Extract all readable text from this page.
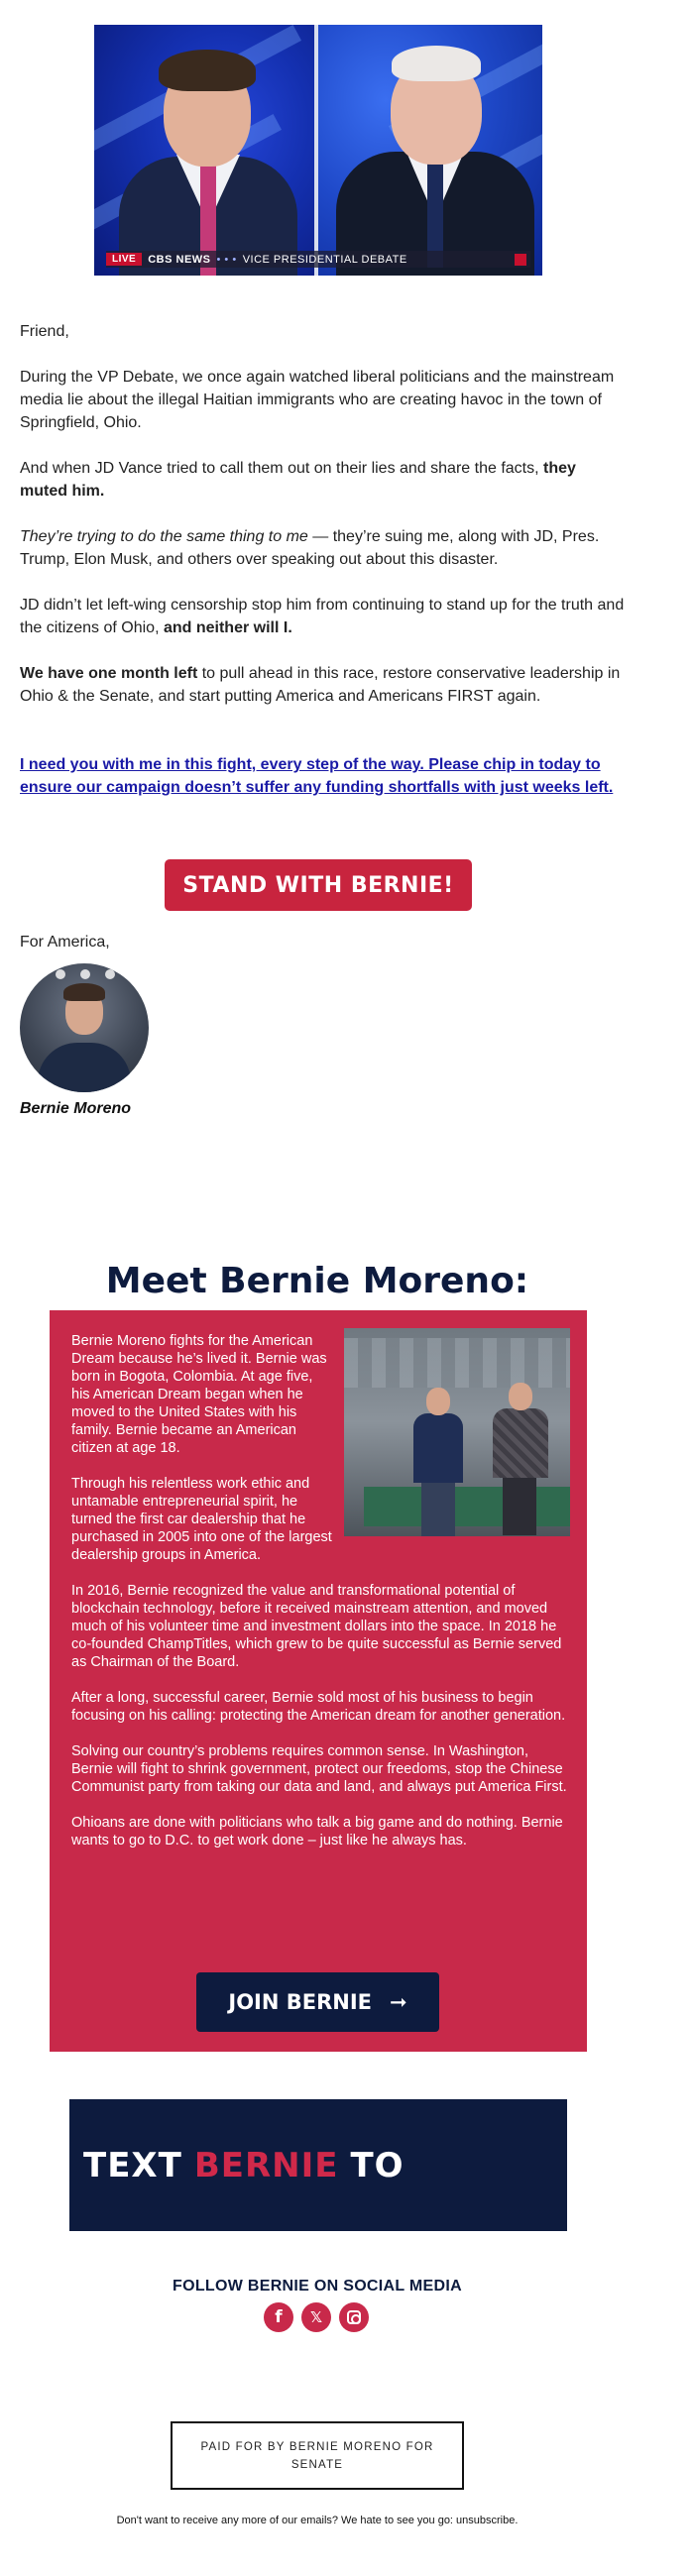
LIVE	CBS NEWS • • • VICE PRESIDENTIAL DEBATE

Friend,

During the VP Debate, we once again watched liberal politicians and the mainstream media lie about the illegal Haitian immigrants who are creating havoc in the town of Springfield, Ohio.

And when JD Vance tried to call them out on their lies and share the facts, they muted him.

They’re trying to do the same thing to me — they’re suing me, along with JD, Pres. Trump, Elon Musk, and others over speaking out about this disaster.

JD didn’t let left-wing censorship stop him from continuing to stand up for the truth and the citizens of Ohio, and neither will I.

We have one month left to pull ahead in this race, restore conservative leadership in Ohio & the Senate, and start putting America and Americans FIRST again.

I need you with me in this fight, every step of the way. Please chip in today to ensure our campaign doesn’t suffer any funding shortfalls with just weeks left.
STAND WITH BERNIE!
For America,
Bernie Moreno
Meet Bernie Moreno:

Bernie Moreno fights for the American Dream because he’s lived it. Bernie was born in Bogota, Colombia. At age five, his American Dream began when he moved to the United States with his family. Bernie became an American citizen at age 18.

Through his relentless work ethic and untamable entrepreneurial spirit, he turned the first car dealership that he purchased in 2005 into one of the largest dealership groups in America.

In 2016, Bernie recognized the value and transformational potential of blockchain technology, before it received mainstream attention, and moved much of his volunteer time and investment dollars into the space. In 2018 he co-founded ChampTitles, which grew to be quite successful as Bernie served as Chairman of the Board.

After a long, successful career, Bernie sold most of his business to begin focusing on his calling: protecting the American dream for another generation.

Solving our country’s problems requires common sense. In Washington, Bernie will fight to shrink government, protect our freedoms, stop the Chinese Communist party from taking our data and land, and always put America First.

Ohioans are done with politicians who talk a big game and do nothing. Bernie wants to go to D.C. to get work done – just like he always has.

JOIN BERNIE ➞
TEXT BERNIE TO
FOLLOW BERNIE ON SOCIAL MEDIA
f	𝕏
PAID FOR BY BERNIE MORENO FOR SENATE
Don't want to receive any more of our emails? We hate to see you go: unsubscribe.
